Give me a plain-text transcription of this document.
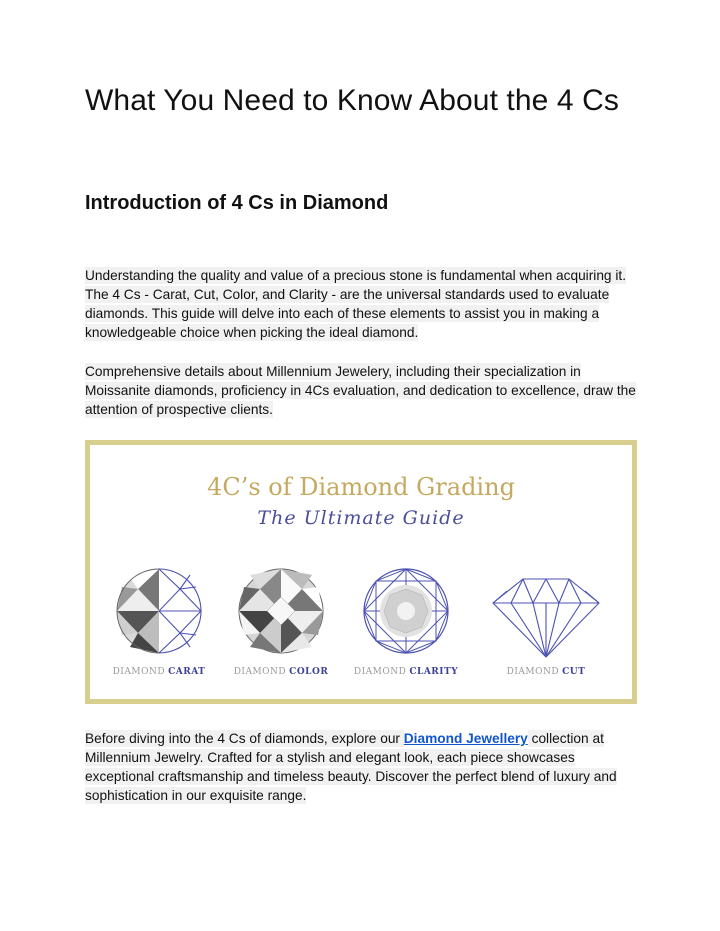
What You Need to Know About the 4 Cs
Introduction of 4 Cs in Diamond

Understanding the quality and value of a precious stone is fundamental when acquiring it. The 4 Cs - Carat, Cut, Color, and Clarity - are the universal standards used to evaluate diamonds. This guide will delve into each of these elements to assist you in making a knowledgeable choice when picking the ideal diamond.

Comprehensive details about Millennium Jewelery, including their specialization in Moissanite diamonds, proficiency in 4Cs evaluation, and dedication to excellence, draw the attention of prospective clients.

4C’s of Diamond Grading
The Ultimate Guide
DIAMOND CARAT	DIAMOND COLOR	DIAMOND CLARITY	DIAMOND CUT

Before diving into the 4 Cs of diamonds, explore our Diamond Jewellery collection at Millennium Jewelry. Crafted for a stylish and elegant look, each piece showcases exceptional craftsmanship and timeless beauty. Discover the perfect blend of luxury and sophistication in our exquisite range.
